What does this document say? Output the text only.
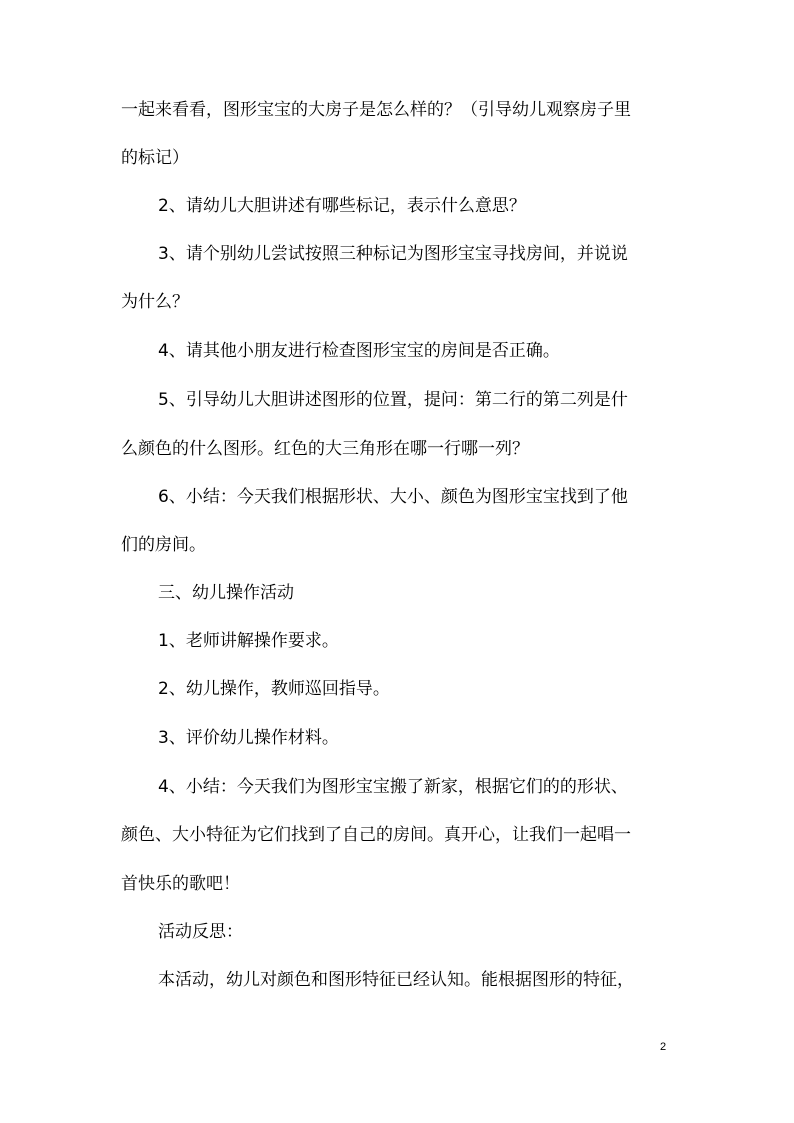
一起来看看，图形宝宝的大房子是怎么样的？（引导幼儿观察房子里
的标记）
2、请幼儿大胆讲述有哪些标记，表示什么意思？
3、请个别幼儿尝试按照三种标记为图形宝宝寻找房间，并说说
为什么？
4、请其他小朋友进行检查图形宝宝的房间是否正确。
5、引导幼儿大胆讲述图形的位置，提问：第二行的第二列是什
么颜色的什么图形。红色的大三角形在哪一行哪一列？
6、小结：今天我们根据形状、大小、颜色为图形宝宝找到了他
们的房间。
三、幼儿操作活动
1、老师讲解操作要求。
2、幼儿操作，教师巡回指导。
3、评价幼儿操作材料。
4、小结：今天我们为图形宝宝搬了新家，根据它们的的形状、
颜色、大小特征为它们找到了自己的房间。真开心，让我们一起唱一
首快乐的歌吧！
活动反思：
本活动，幼儿对颜色和图形特征已经认知。能根据图形的特征，
2
